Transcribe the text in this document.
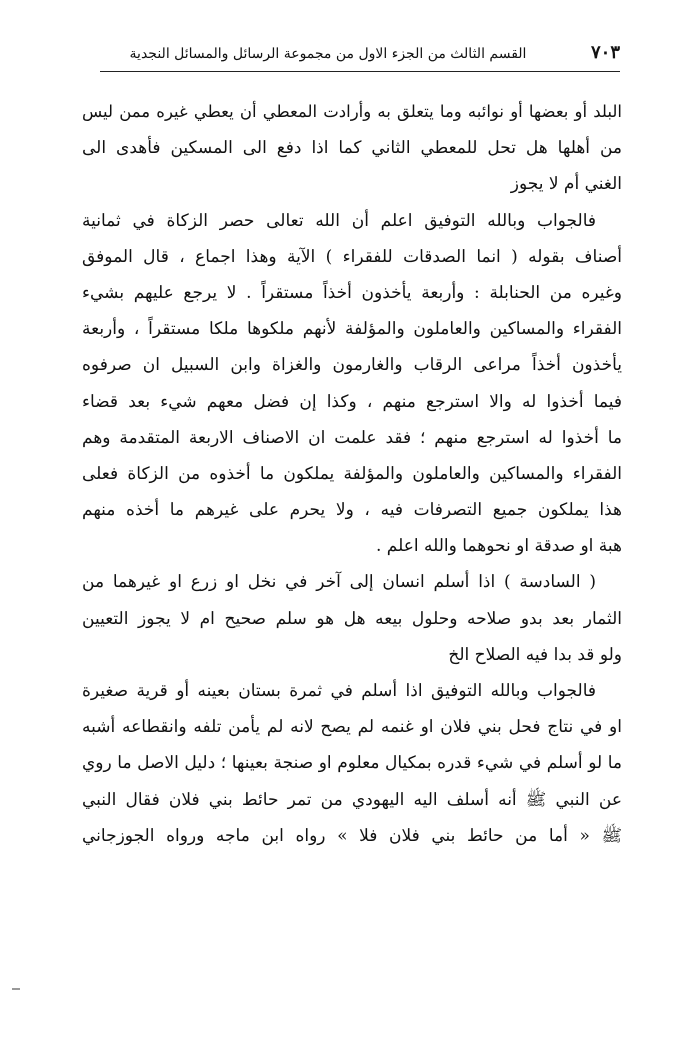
٧٠٣
القسم الثالث من الجزء الاول من مجموعة الرسائل والمسائل النجدية
البلد أو بعضها أو نوائبه وما يتعلق به وأرادت المعطي أن يعطي غيره ممن ليس
من أهلها هل تحل للمعطي الثاني كما اذا دفع الى المسكين فأهدى الى
الغني أم لا يجوز
فالجواب وبالله التوفيق اعلم أن الله تعالى حصر الزكاة في ثمانية
أصناف بقوله ( انما الصدقات للفقراء ) الآية وهذا اجماع ، قال الموفق
وغيره من الحنابلة : وأربعة يأخذون أخذاً مستقراً . لا يرجع عليهم بشيء
الفقراء والمساكين والعاملون والمؤلفة لأنهم ملكوها ملكا مستقراً ، وأربعة
يأخذون أخذاً مراعى الرقاب والغارمون والغزاة وابن السبيل ان صرفوه
فيما أخذوا له والا استرجع منهم ، وكذا إن فضل معهم شيء بعد قضاء
ما أخذوا له استرجع منهم ؛ فقد علمت ان الاصناف الاربعة المتقدمة وهم
الفقراء والمساكين والعاملون والمؤلفة يملكون ما أخذوه من الزكاة فعلى
هذا يملكون جميع التصرفات فيه ، ولا يحرم على غيرهم ما أخذه منهم
هبة او صدقة او نحوهما والله اعلم .
( السادسة ) اذا أسلم انسان إلى آخر في نخل او زرع او غيرهما من
الثمار بعد بدو صلاحه وحلول بيعه هل هو سلم صحيح ام لا يجوز التعيين
ولو قد بدا فيه الصلاح الخ
فالجواب وبالله التوفيق اذا أسلم في ثمرة بستان بعينه أو قرية صغيرة
او في نتاج فحل بني فلان او غنمه لم يصح لانه لم يأمن تلفه وانقطاعه أشبه
ما لو أسلم في شيء قدره بمكيال معلوم او صنجة بعينها ؛ دليل الاصل ما روي
عن النبي ﷺ أنه أسلف اليه اليهودي من تمر حائط بني فلان فقال النبي
ﷺ « أما من حائط بني فلان فلا » رواه ابن ماجه ورواه الجوزجاني
